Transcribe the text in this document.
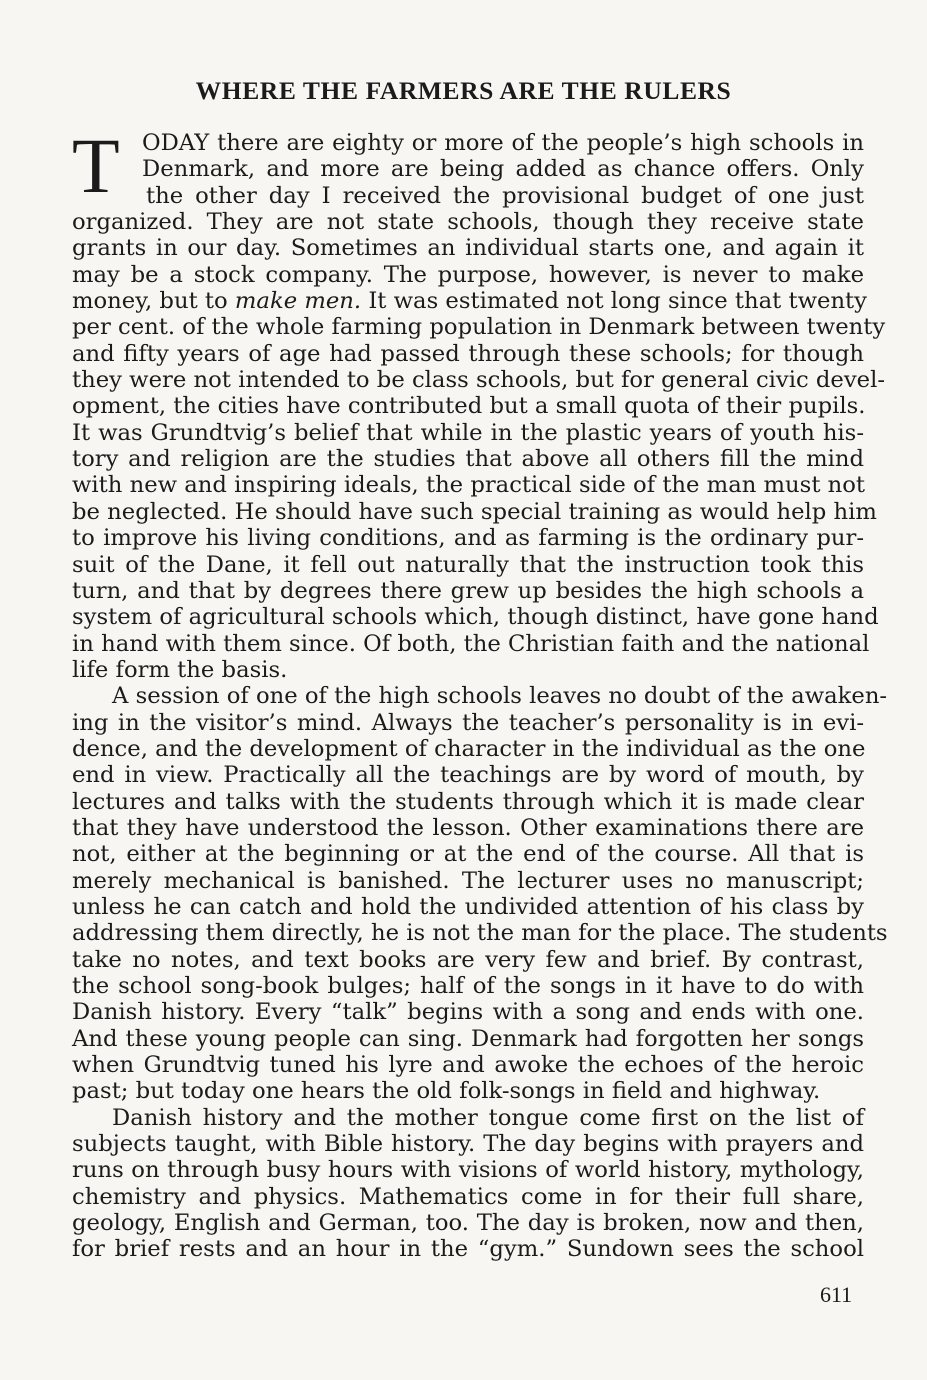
WHERE THE FARMERS ARE THE RULERS
T ODAY there are eighty or more of the people’s high schools in
Denmark, and more are being added as chance offers. Only
the other day I received the provisional budget of one just
organized. They are not state schools, though they receive state
grants in our day. Sometimes an individual starts one, and again it
may be a stock company. The purpose, however, is never to make
money, but to make men. It was estimated not long since that twenty
per cent. of the whole farming population in Denmark between twenty
and fifty years of age had passed through these schools; for though
they were not intended to be class schools, but for general civic devel-
opment, the cities have contributed but a small quota of their pupils.
It was Grundtvig’s belief that while in the plastic years of youth his-
tory and religion are the studies that above all others fill the mind
with new and inspiring ideals, the practical side of the man must not
be neglected. He should have such special training as would help him
to improve his living conditions, and as farming is the ordinary pur-
suit of the Dane, it fell out naturally that the instruction took this
turn, and that by degrees there grew up besides the high schools a
system of agricultural schools which, though distinct, have gone hand
in hand with them since. Of both, the Christian faith and the national
life form the basis.
A session of one of the high schools leaves no doubt of the awaken-
ing in the visitor’s mind. Always the teacher’s personality is in evi-
dence, and the development of character in the individual as the one
end in view. Practically all the teachings are by word of mouth, by
lectures and talks with the students through which it is made clear
that they have understood the lesson. Other examinations there are
not, either at the beginning or at the end of the course. All that is
merely mechanical is banished. The lecturer uses no manuscript;
unless he can catch and hold the undivided attention of his class by
addressing them directly, he is not the man for the place. The students
take no notes, and text books are very few and brief. By contrast,
the school song-book bulges; half of the songs in it have to do with
Danish history. Every “talk” begins with a song and ends with one.
And these young people can sing. Denmark had forgotten her songs
when Grundtvig tuned his lyre and awoke the echoes of the heroic
past; but today one hears the old folk-songs in field and highway.
Danish history and the mother tongue come first on the list of
subjects taught, with Bible history. The day begins with prayers and
runs on through busy hours with visions of world history, mythology,
chemistry and physics. Mathematics come in for their full share,
geology, English and German, too. The day is broken, now and then,
for brief rests and an hour in the “gym.” Sundown sees the school
611
